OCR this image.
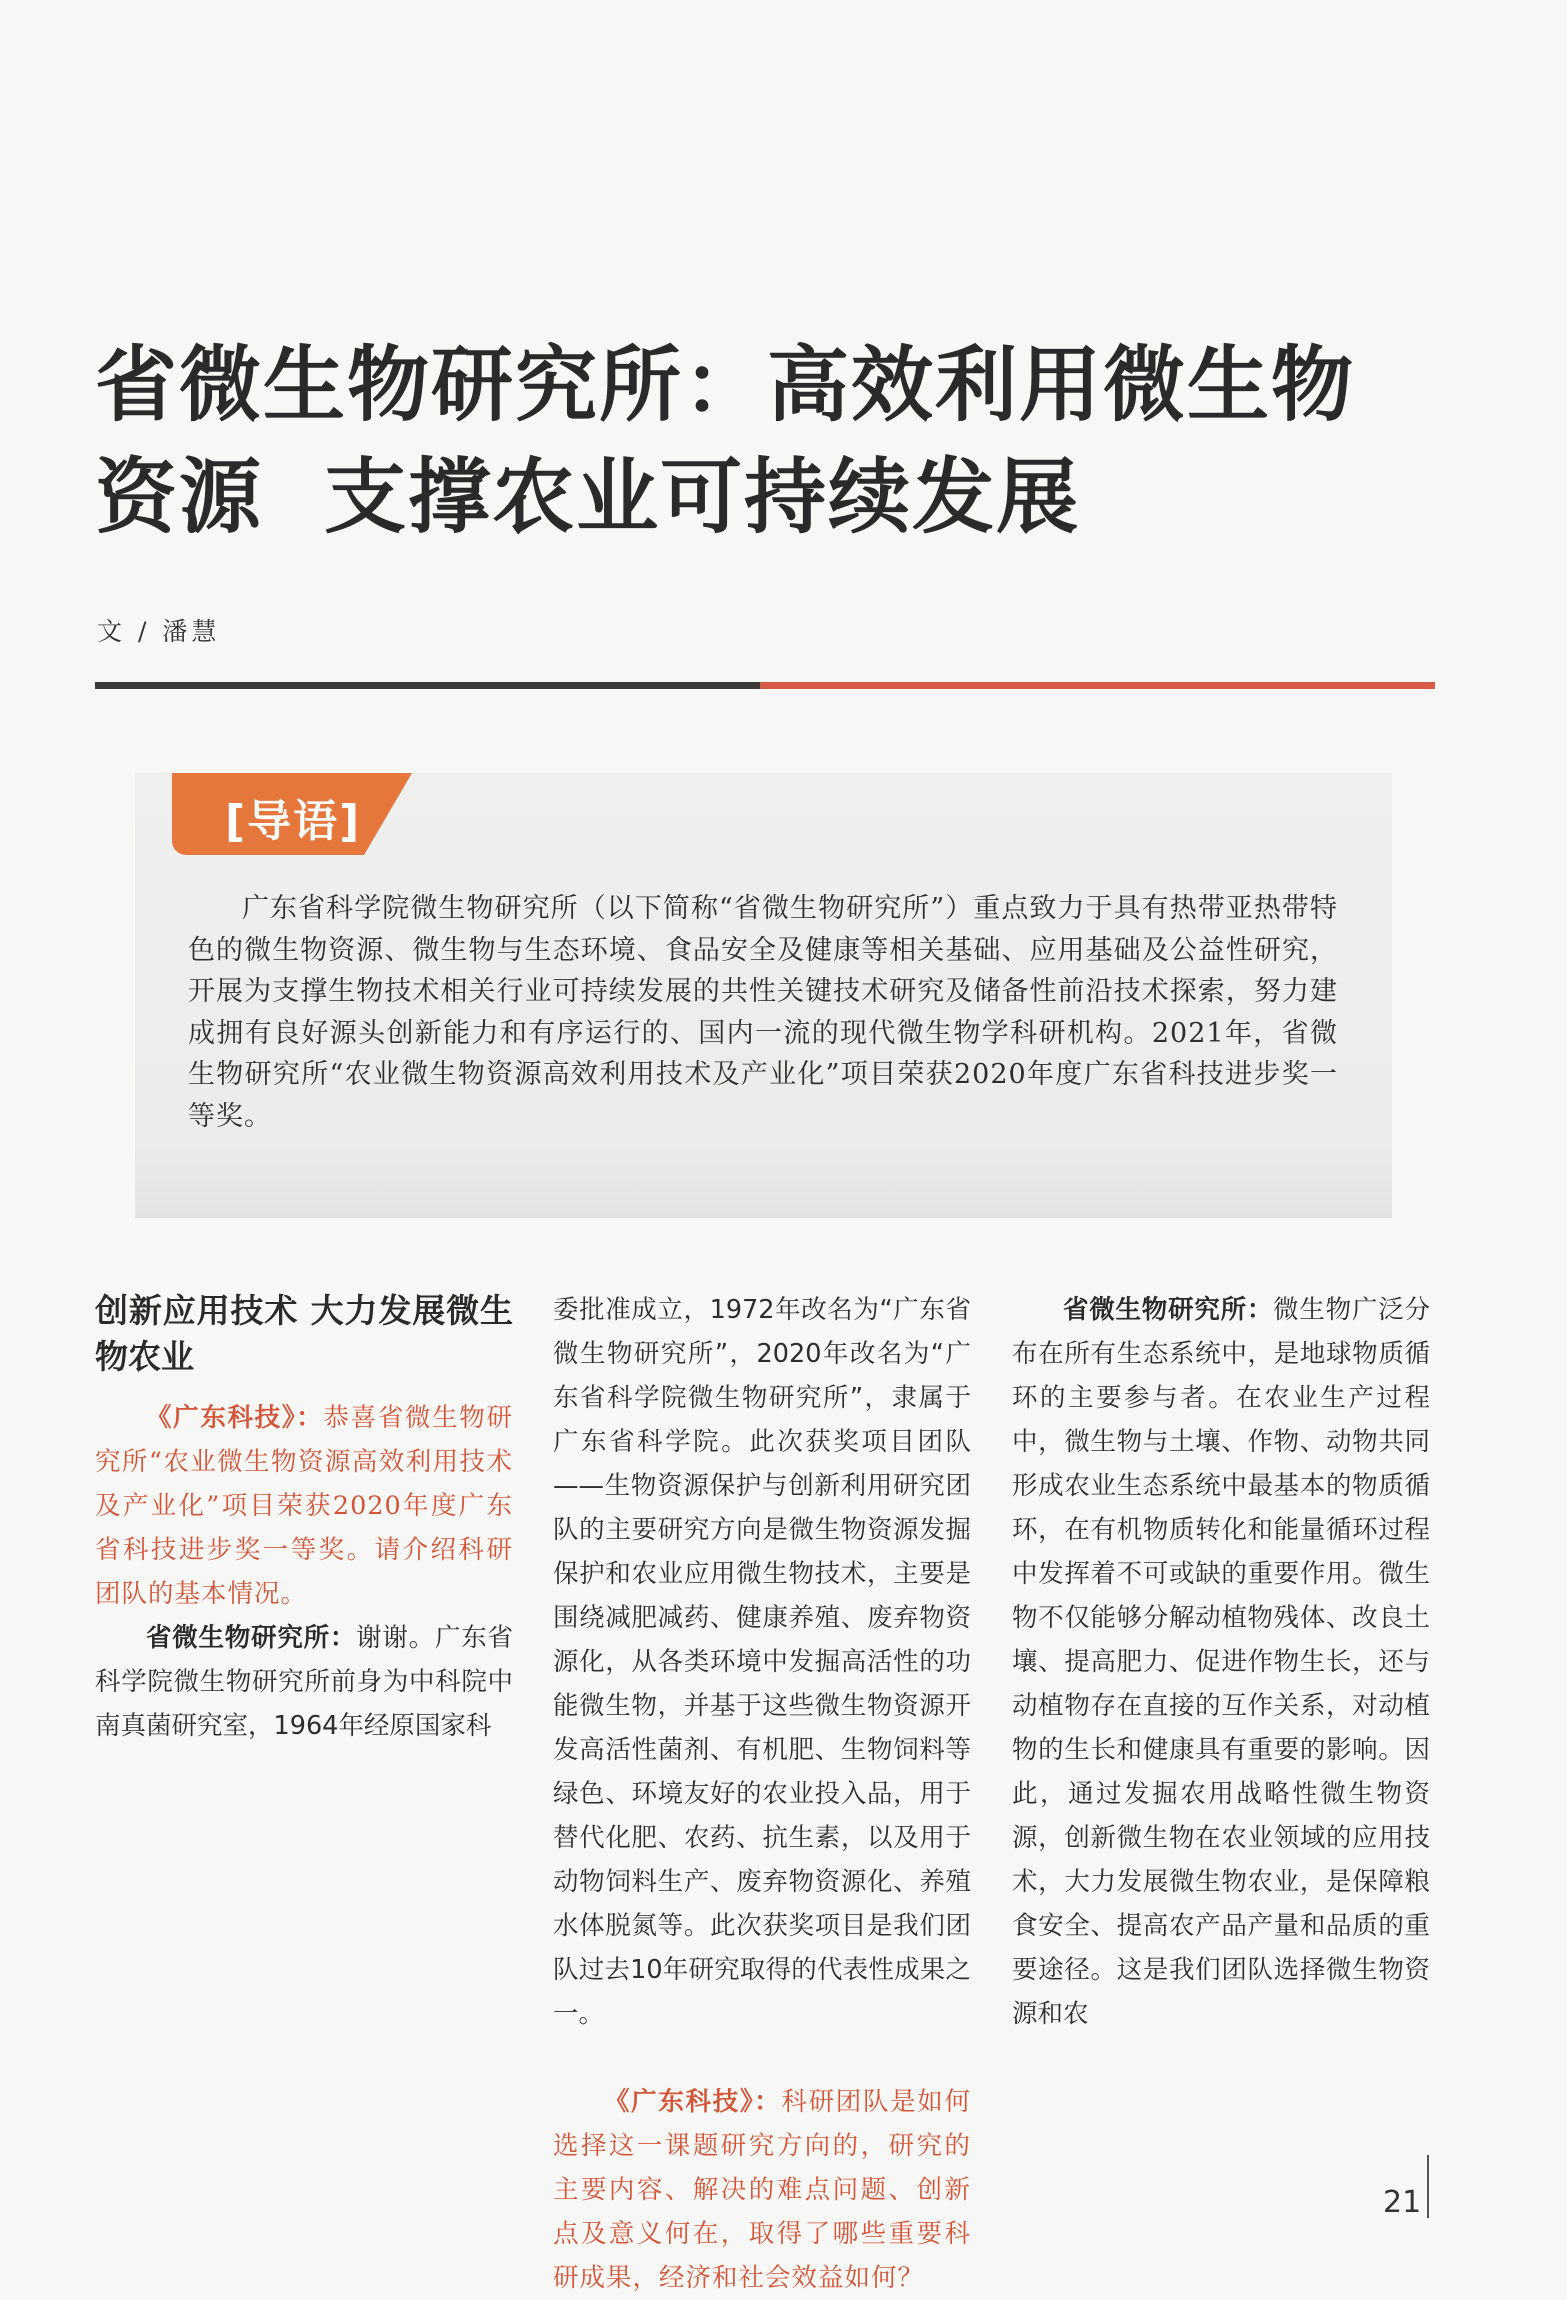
省微生物研究所：高效利用微生物
资源  支撑农业可持续发展
文 / 潘慧
[导语]
广东省科学院微生物研究所（以下简称“省微生物研究所”）重点致力于具有热带亚热带特色的微生物资源、微生物与生态环境、食品安全及健康等相关基础、应用基础及公益性研究，开展为支撑生物技术相关行业可持续发展的共性关键技术研究及储备性前沿技术探索，努力建成拥有良好源头创新能力和有序运行的、国内一流的现代微生物学科研机构。2021年，省微生物研究所“农业微生物资源高效利用技术及产业化”项目荣获2020年度广东省科技进步奖一等奖。
创新应用技术 大力发展微生物农业

《广东科技》：恭喜省微生物研究所“农业微生物资源高效利用技术及产业化”项目荣获2020年度广东省科技进步奖一等奖。请介绍科研团队的基本情况。

省微生物研究所：谢谢。广东省科学院微生物研究所前身为中科院中南真菌研究室，1964年经原国家科

委批准成立，1972年改名为“广东省微生物研究所”，2020年改名为“广东省科学院微生物研究所”，隶属于广东省科学院。此次获奖项目团队——生物资源保护与创新利用研究团队的主要研究方向是微生物资源发掘保护和农业应用微生物技术，主要是围绕减肥减药、健康养殖、废弃物资源化，从各类环境中发掘高活性的功能微生物，并基于这些微生物资源开发高活性菌剂、有机肥、生物饲料等绿色、环境友好的农业投入品，用于替代化肥、农药、抗生素，以及用于动物饲料生产、废弃物资源化、养殖水体脱氮等。此次获奖项目是我们团队过去10年研究取得的代表性成果之一。

《广东科技》：科研团队是如何选择这一课题研究方向的，研究的主要内容、解决的难点问题、创新点及意义何在，取得了哪些重要科研成果，经济和社会效益如何？

省微生物研究所：微生物广泛分布在所有生态系统中，是地球物质循环的主要参与者。在农业生产过程中，微生物与土壤、作物、动物共同形成农业生态系统中最基本的物质循环，在有机物质转化和能量循环过程中发挥着不可或缺的重要作用。微生物不仅能够分解动植物残体、改良土壤、提高肥力、促进作物生长，还与动植物存在直接的互作关系，对动植物的生长和健康具有重要的影响。因此，通过发掘农用战略性微生物资源，创新微生物在农业领域的应用技术，大力发展微生物农业，是保障粮食安全、提高农产品产量和品质的重要途径。这是我们团队选择微生物资源和农

21
